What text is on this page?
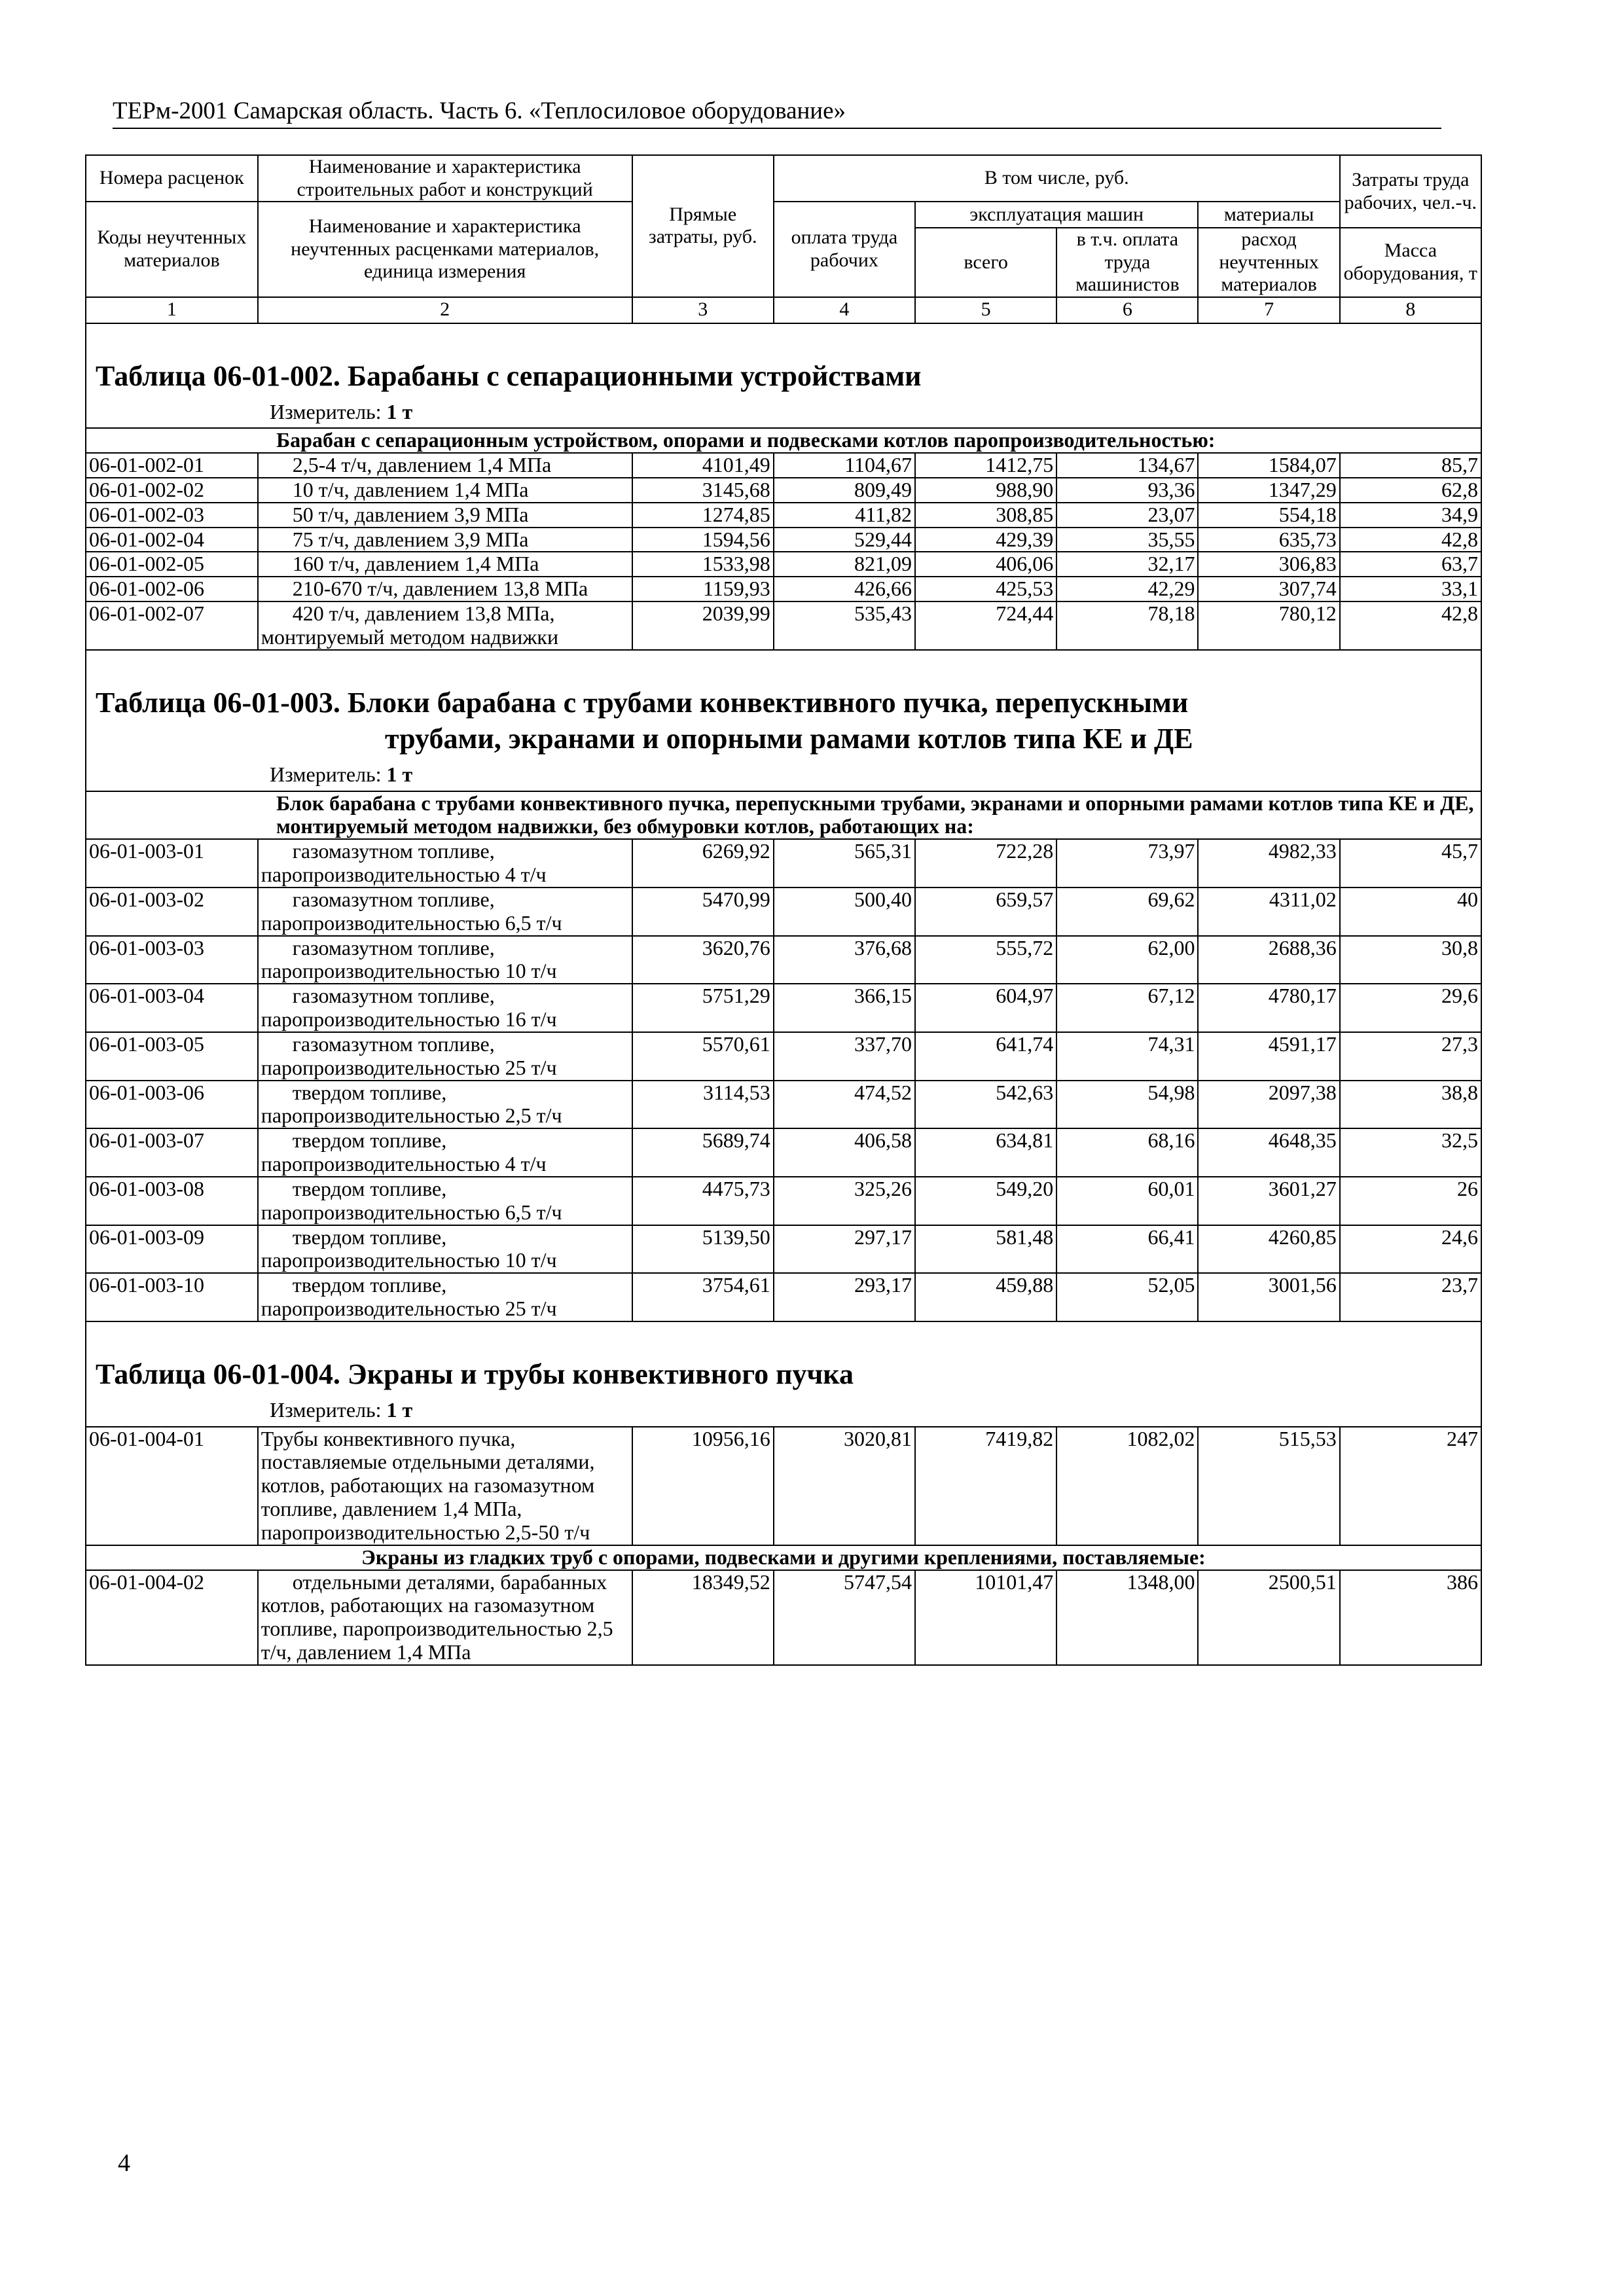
ТЕРм-2001 Самарская область. Часть 6. «Теплосиловое оборудование»
Номера расценок	Наименование и характеристика строительных работ и конструкций	Прямые затраты, руб.	В том числе, руб.				Затраты труда рабочих, чел.-ч.
Коды неучтенных материалов	Наименование и характеристика неучтенных расценками материалов, единица измерения		оплата труда рабочих	эксплуатация машин		материалы	
				всего	в т.ч. оплата труда машинистов	расход неучтенных материалов	Масса оборудования, т
1	2	3	4	5	6	7	8

Таблица 06-01-002. Барабаны с сепарационными устройствами
Измеритель: 1 т							

Барабан с сепарационным устройством, опорами и подвесками котлов паропроизводительностью:							
06-01-002-01	2,5-4 т/ч, давлением 1,4 МПа	4101,49	1104,67	1412,75	134,67	1584,07	85,7
06-01-002-02	10 т/ч, давлением 1,4 МПа	3145,68	809,49	988,90	93,36	1347,29	62,8
06-01-002-03	50 т/ч, давлением 3,9 МПа	1274,85	411,82	308,85	23,07	554,18	34,9
06-01-002-04	75 т/ч, давлением 3,9 МПа	1594,56	529,44	429,39	35,55	635,73	42,8
06-01-002-05	160 т/ч, давлением 1,4 МПа	1533,98	821,09	406,06	32,17	306,83	63,7
06-01-002-06	210-670 т/ч, давлением 13,8 МПа	1159,93	426,66	425,53	42,29	307,74	33,1
06-01-002-07	420 т/ч, давлением 13,8 МПа, монтируемый методом надвижки	2039,99	535,43	724,44	78,18	780,12	42,8

Таблица 06-01-003. Блоки барабана с трубами конвективного пучка, перепускными
трубами, экранами и опорными рамами котлов типа КЕ и ДЕ
Измеритель: 1 т							

Блок барабана с трубами конвективного пучка, перепускными трубами, экранами и опорными рамами котлов типа КЕ и ДЕ, монтируемый методом надвижки, без обмуровки котлов, работающих на:							
06-01-003-01	газомазутном топливе, паропроизводительностью 4 т/ч	6269,92	565,31	722,28	73,97	4982,33	45,7
06-01-003-02	газомазутном топливе, паропроизводительностью 6,5 т/ч	5470,99	500,40	659,57	69,62	4311,02	40
06-01-003-03	газомазутном топливе, паропроизводительностью 10 т/ч	3620,76	376,68	555,72	62,00	2688,36	30,8
06-01-003-04	газомазутном топливе, паропроизводительностью 16 т/ч	5751,29	366,15	604,97	67,12	4780,17	29,6
06-01-003-05	газомазутном топливе, паропроизводительностью 25 т/ч	5570,61	337,70	641,74	74,31	4591,17	27,3
06-01-003-06	твердом топливе, паропроизводительностью 2,5 т/ч	3114,53	474,52	542,63	54,98	2097,38	38,8
06-01-003-07	твердом топливе, паропроизводительностью 4 т/ч	5689,74	406,58	634,81	68,16	4648,35	32,5
06-01-003-08	твердом топливе, паропроизводительностью 6,5 т/ч	4475,73	325,26	549,20	60,01	3601,27	26
06-01-003-09	твердом топливе, паропроизводительностью 10 т/ч	5139,50	297,17	581,48	66,41	4260,85	24,6
06-01-003-10	твердом топливе, паропроизводительностью 25 т/ч	3754,61	293,17	459,88	52,05	3001,56	23,7

Таблица 06-01-004. Экраны и трубы конвективного пучка
Измеритель: 1 т							

06-01-004-01	Трубы конвективного пучка, поставляемые отдельными деталями, котлов, работающих на газомазутном топливе, давлением 1,4 МПа, паропроизводительностью 2,5-50 т/ч	10956,16	3020,81	7419,82	1082,02	515,53	247
Экраны из гладких труб с опорами, подвесками и другими креплениями, поставляемые:							
06-01-004-02	отдельными деталями, барабанных котлов, работающих на газомазутном топливе, паропроизводительностью 2,5 т/ч, давлением 1,4 МПа	18349,52	5747,54	10101,47	1348,00	2500,51	386
4
